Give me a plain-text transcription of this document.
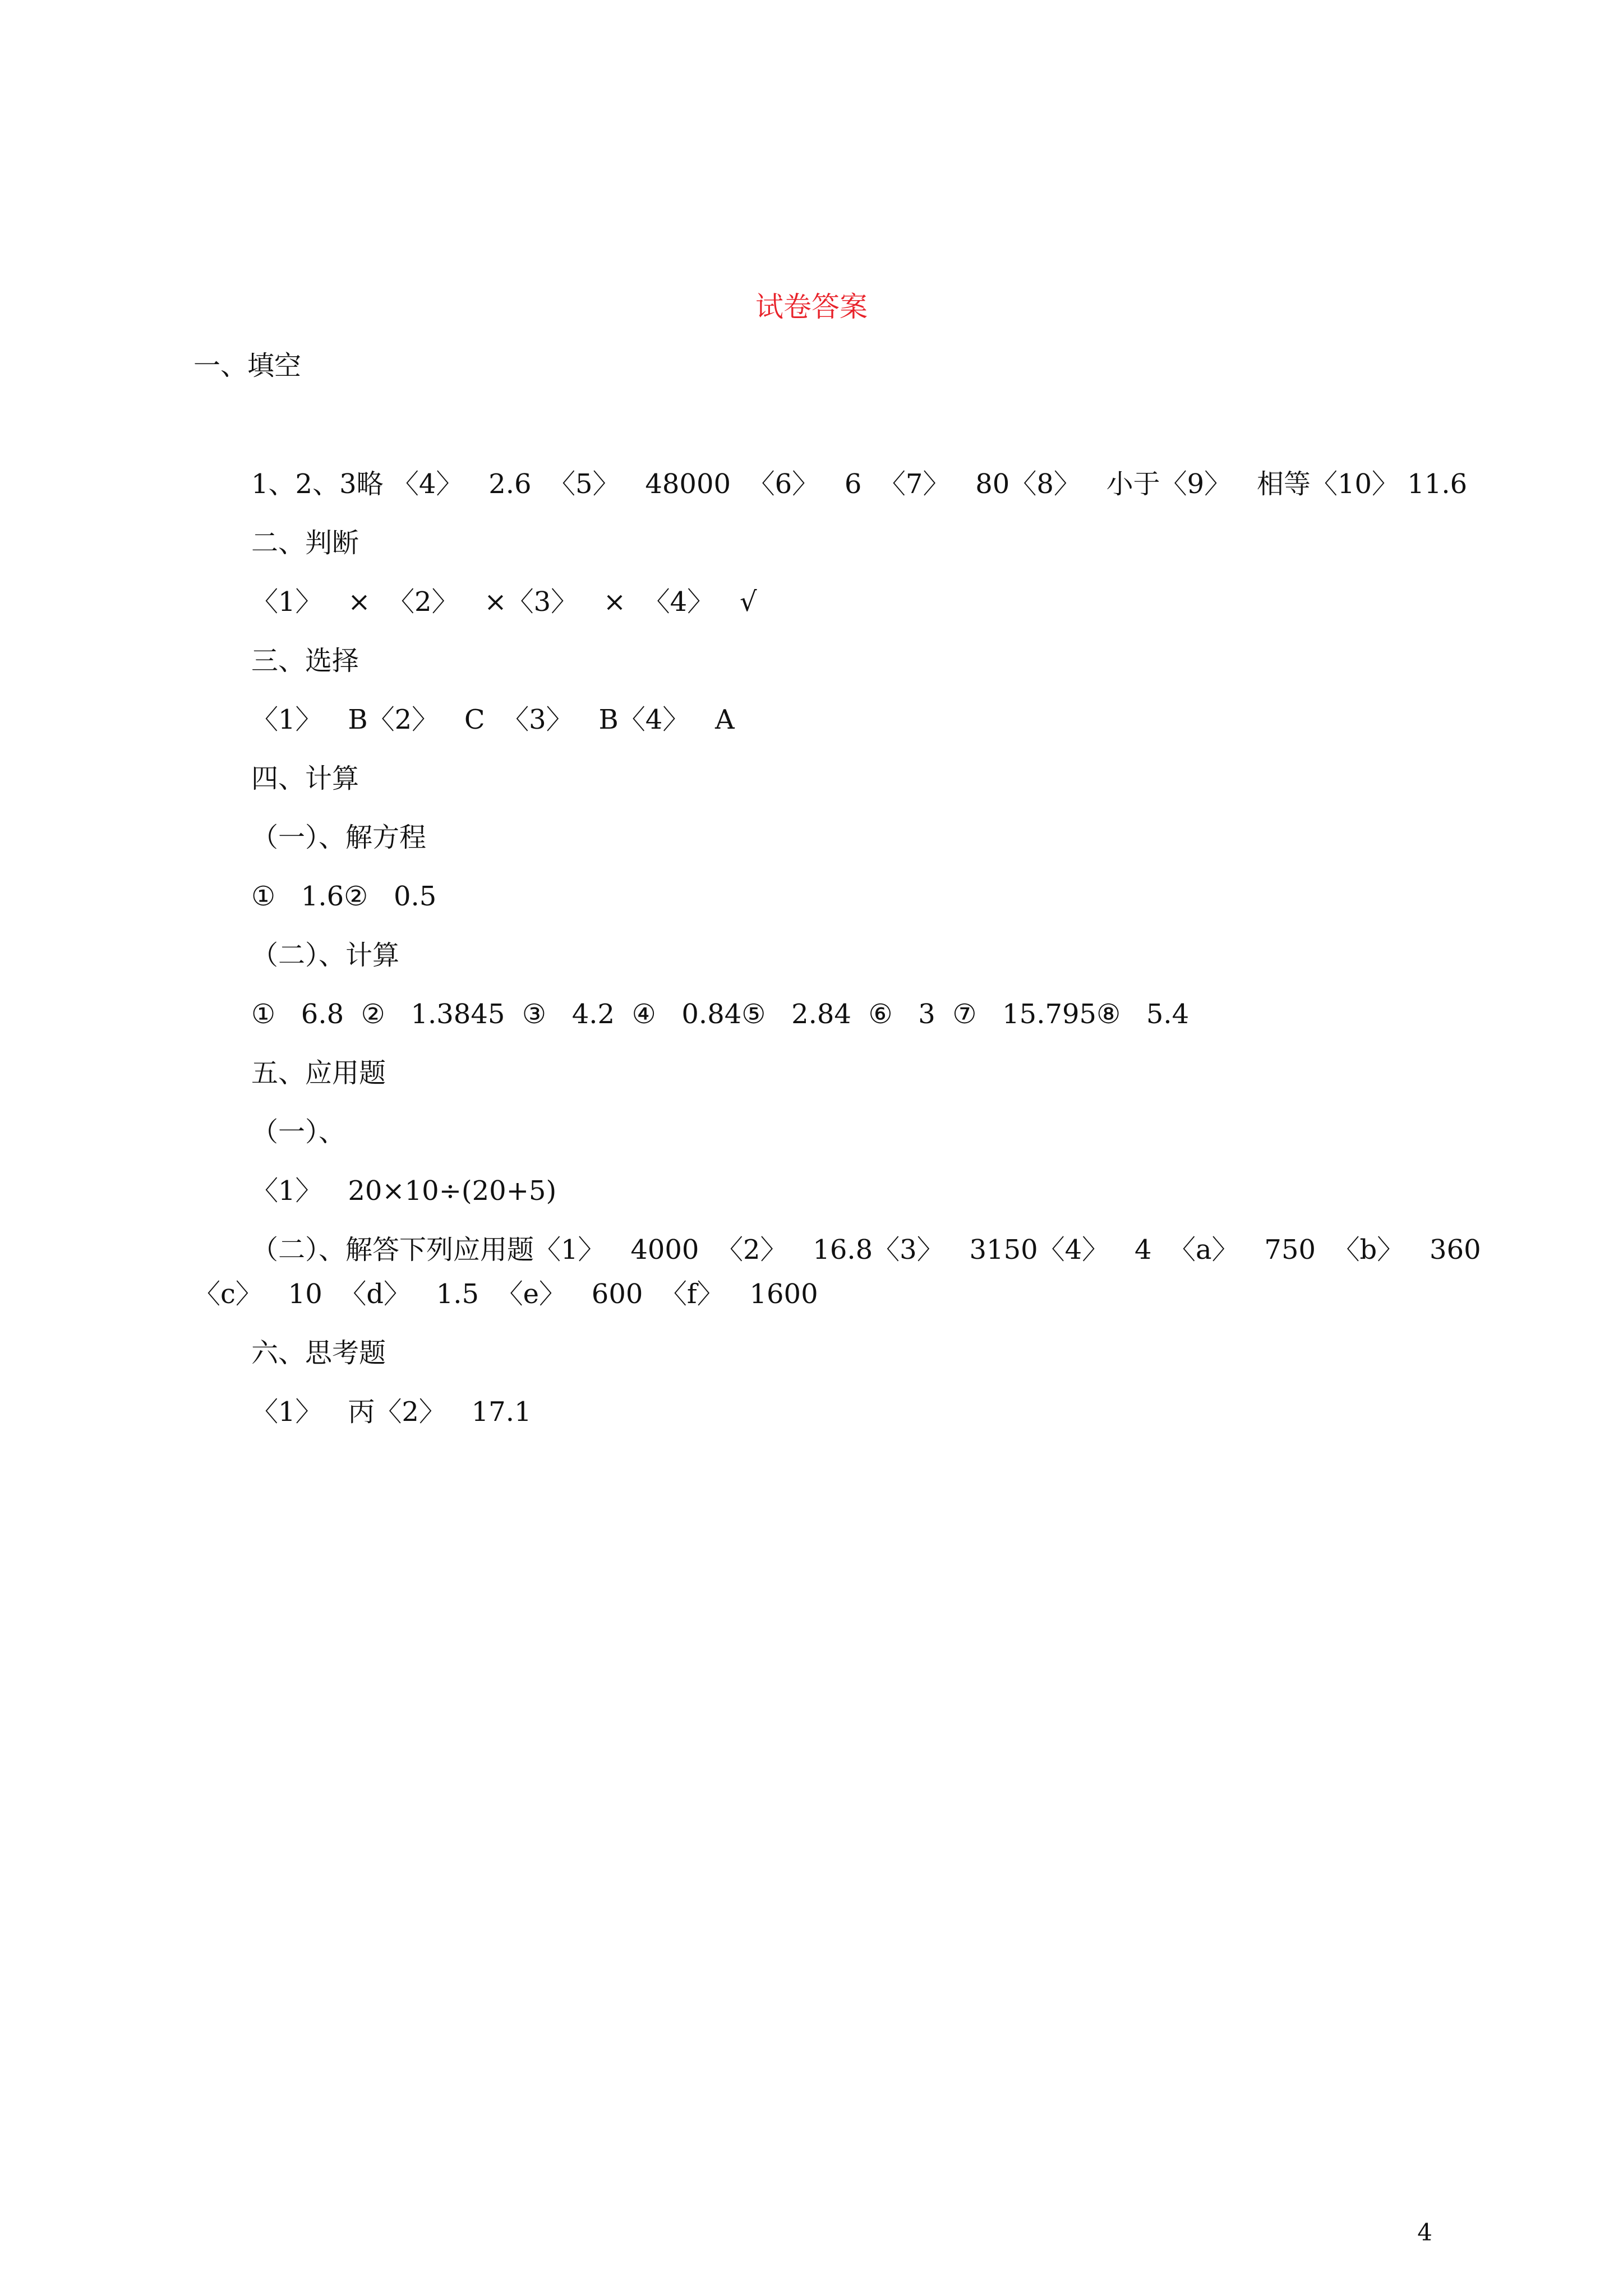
试卷答案
一、填空
1、2、3略 〈4〉   2.6  〈5〉   48000  〈6〉   6  〈7〉   80〈8〉   小于〈9〉   相等〈10〉 11.6
二、判断
〈1〉   ×  〈2〉   ×〈3〉   ×  〈4〉   √
三、选择
〈1〉   B〈2〉   C  〈3〉   B〈4〉   A
四、计算
（一）、解方程
①   1.6②   0.5
（二）、计算
①   6.8  ②   1.3845  ③   4.2  ④   0.84⑤   2.84  ⑥   3  ⑦   15.795⑧   5.4
五、应用题
（一）、
〈1〉   20×10÷(20+5)
（二）、解答下列应用题〈1〉   4000  〈2〉   16.8〈3〉   3150〈4〉   4  〈a〉   750  〈b〉   360
〈c〉   10  〈d〉   1.5  〈e〉   600  〈f〉   1600
六、思考题
〈1〉   丙〈2〉   17.1
4
